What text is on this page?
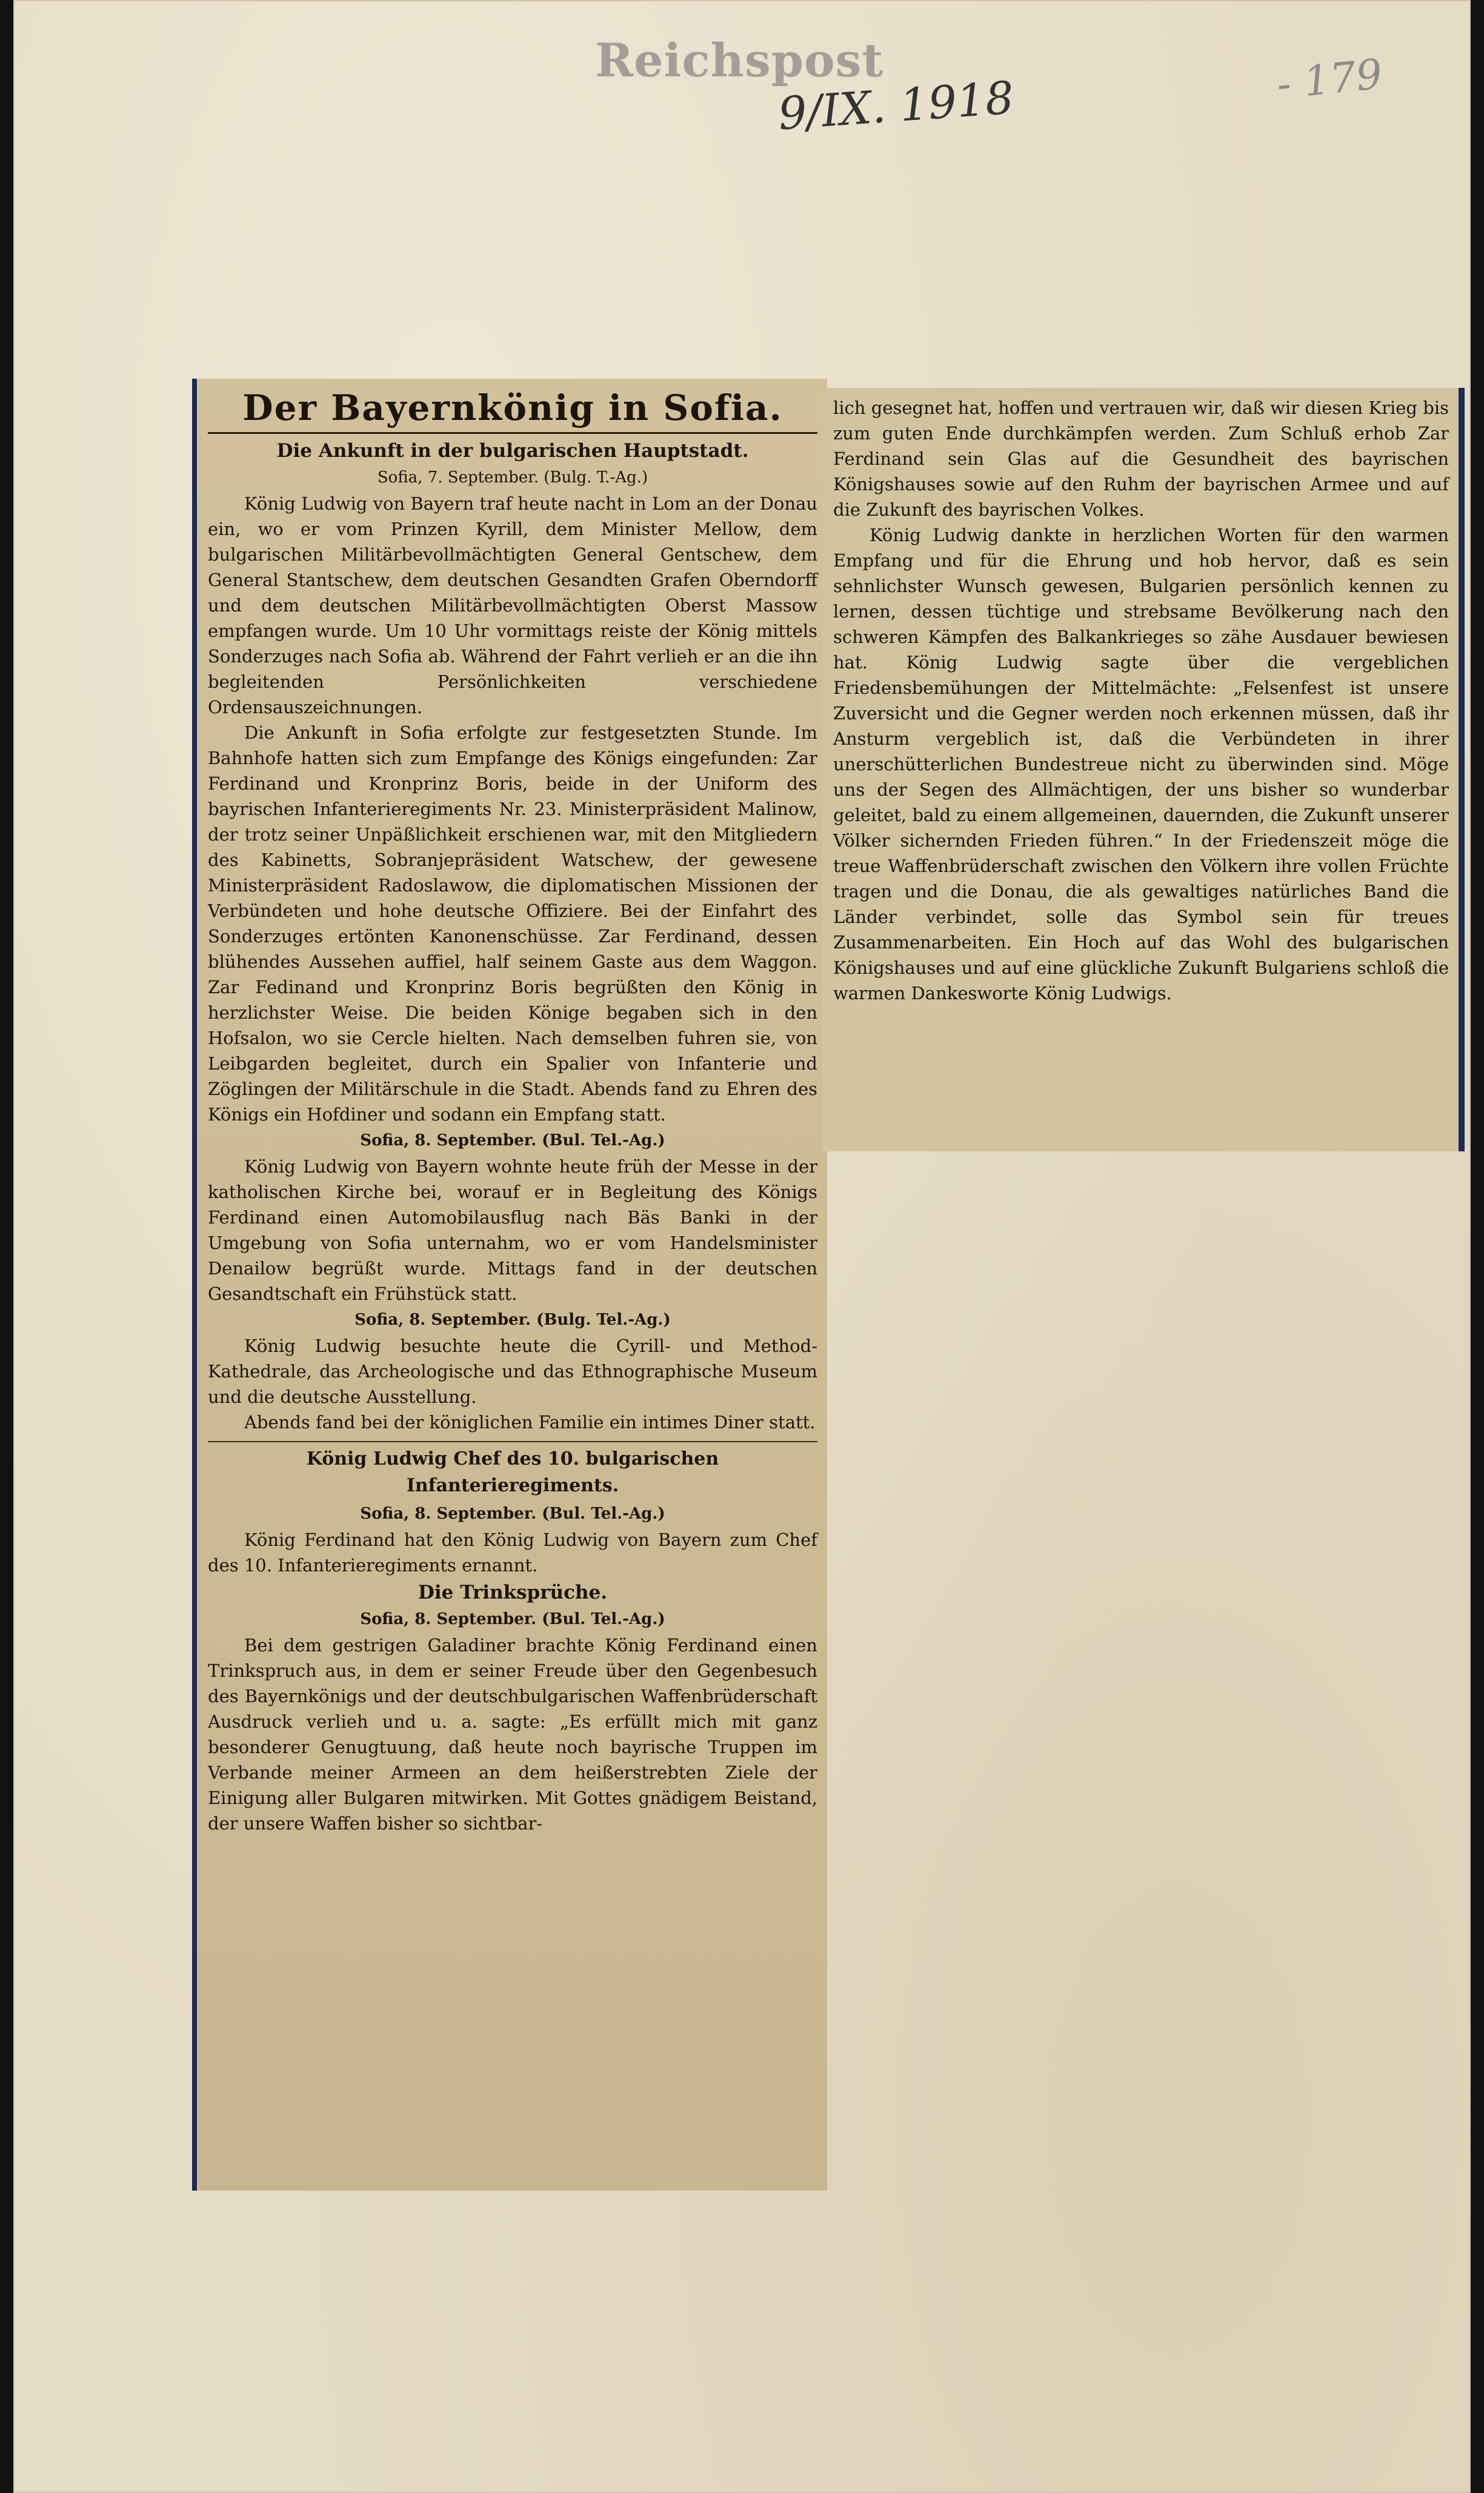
Reichspost
9/IX. 1918	- 179
Der Bayernkönig in Sofia.
Die Ankunft in der bulgarischen Hauptstadt.
Sofia, 7. September. (Bulg. T.-Ag.)

König Ludwig von Bayern traf heute nacht in Lom an der Donau ein, wo er vom Prinzen Kyrill, dem Minister Mellow, dem bulgarischen Militärbevollmächtigten General Gentschew, dem General Stantschew, dem deutschen Gesandten Grafen Oberndorff und dem deutschen Militärbevollmächtigten Oberst Massow empfangen wurde. Um 10 Uhr vormittags reiste der König mittels Sonderzuges nach Sofia ab. Während der Fahrt verlieh er an die ihn begleitenden Persönlichkeiten verschiedene Ordensauszeichnungen.

Die Ankunft in Sofia erfolgte zur festgesetzten Stunde. Im Bahnhofe hatten sich zum Empfange des Königs eingefunden: Zar Ferdinand und Kronprinz Boris, beide in der Uniform des bayrischen Infanterieregiments Nr. 23. Ministerpräsident Malinow, der trotz seiner Unpäßlichkeit erschienen war, mit den Mitgliedern des Kabinetts, Sobranjepräsident Watschew, der gewesene Ministerpräsident Radoslawow, die diplomatischen Missionen der Verbündeten und hohe deutsche Offiziere. Bei der Einfahrt des Sonderzuges ertönten Kanonenschüsse. Zar Ferdinand, dessen blühendes Aussehen auffiel, half seinem Gaste aus dem Waggon. Zar Fedinand und Kronprinz Boris begrüßten den König in herzlichster Weise. Die beiden Könige begaben sich in den Hofsalon, wo sie Cercle hielten. Nach demselben fuhren sie, von Leibgarden begleitet, durch ein Spalier von Infanterie und Zöglingen der Militärschule in die Stadt. Abends fand zu Ehren des Königs ein Hofdiner und sodann ein Empfang statt.

Sofia, 8. September. (Bul. Tel.-Ag.)

König Ludwig von Bayern wohnte heute früh der Messe in der katholischen Kirche bei, worauf er in Begleitung des Königs Ferdinand einen Automobilausflug nach Bäs Banki in der Umgebung von Sofia unternahm, wo er vom Handelsminister Denailow begrüßt wurde. Mittags fand in der deutschen Gesandtschaft ein Frühstück statt.

Sofia, 8. September. (Bulg. Tel.-Ag.)

König Ludwig besuchte heute die Cyrill- und Method-Kathedrale, das Archeologische und das Ethnographische Museum und die deutsche Ausstellung.

Abends fand bei der königlichen Familie ein intimes Diner statt.

König Ludwig Chef des 10. bulgarischen Infanterieregiments.
Sofia, 8. September. (Bul. Tel.-Ag.)

König Ferdinand hat den König Ludwig von Bayern zum Chef des 10. Infanterieregiments ernannt.

Die Trinksprüche.
Sofia, 8. September. (Bul. Tel.-Ag.)

Bei dem gestrigen Galadiner brachte König Ferdinand einen Trinkspruch aus, in dem er seiner Freude über den Gegenbesuch des Bayernkönigs und der deutschbulgarischen Waffenbrüderschaft Ausdruck verlieh und u. a. sagte: „Es erfüllt mich mit ganz besonderer Genugtuung, daß heute noch bayrische Truppen im Verbande meiner Armeen an dem heißerstrebten Ziele der Einigung aller Bulgaren mitwirken. Mit Gottes gnädigem Beistand, der unsere Waffen bisher so sichtbar-

lich gesegnet hat, hoffen und vertrauen wir, daß wir diesen Krieg bis zum guten Ende durchkämpfen werden. Zum Schluß erhob Zar Ferdinand sein Glas auf die Gesundheit des bayrischen Königshauses sowie auf den Ruhm der bayrischen Armee und auf die Zukunft des bayrischen Volkes.

König Ludwig dankte in herzlichen Worten für den warmen Empfang und für die Ehrung und hob hervor, daß es sein sehnlichster Wunsch gewesen, Bulgarien persönlich kennen zu lernen, dessen tüchtige und strebsame Bevölkerung nach den schweren Kämpfen des Balkankrieges so zähe Ausdauer bewiesen hat. König Ludwig sagte über die vergeblichen Friedensbemühungen der Mittelmächte: „Felsenfest ist unsere Zuversicht und die Gegner werden noch erkennen müssen, daß ihr Ansturm vergeblich ist, daß die Verbündeten in ihrer unerschütterlichen Bundestreue nicht zu überwinden sind. Möge uns der Segen des Allmächtigen, der uns bisher so wunderbar geleitet, bald zu einem allgemeinen, dauernden, die Zukunft unserer Völker sichernden Frieden führen.“ In der Friedenszeit möge die treue Waffenbrüderschaft zwischen den Völkern ihre vollen Früchte tragen und die Donau, die als gewaltiges natürliches Band die Länder verbindet, solle das Symbol sein für treues Zusammenarbeiten. Ein Hoch auf das Wohl des bulgarischen Königshauses und auf eine glückliche Zukunft Bulgariens schloß die warmen Dankesworte König Ludwigs.
